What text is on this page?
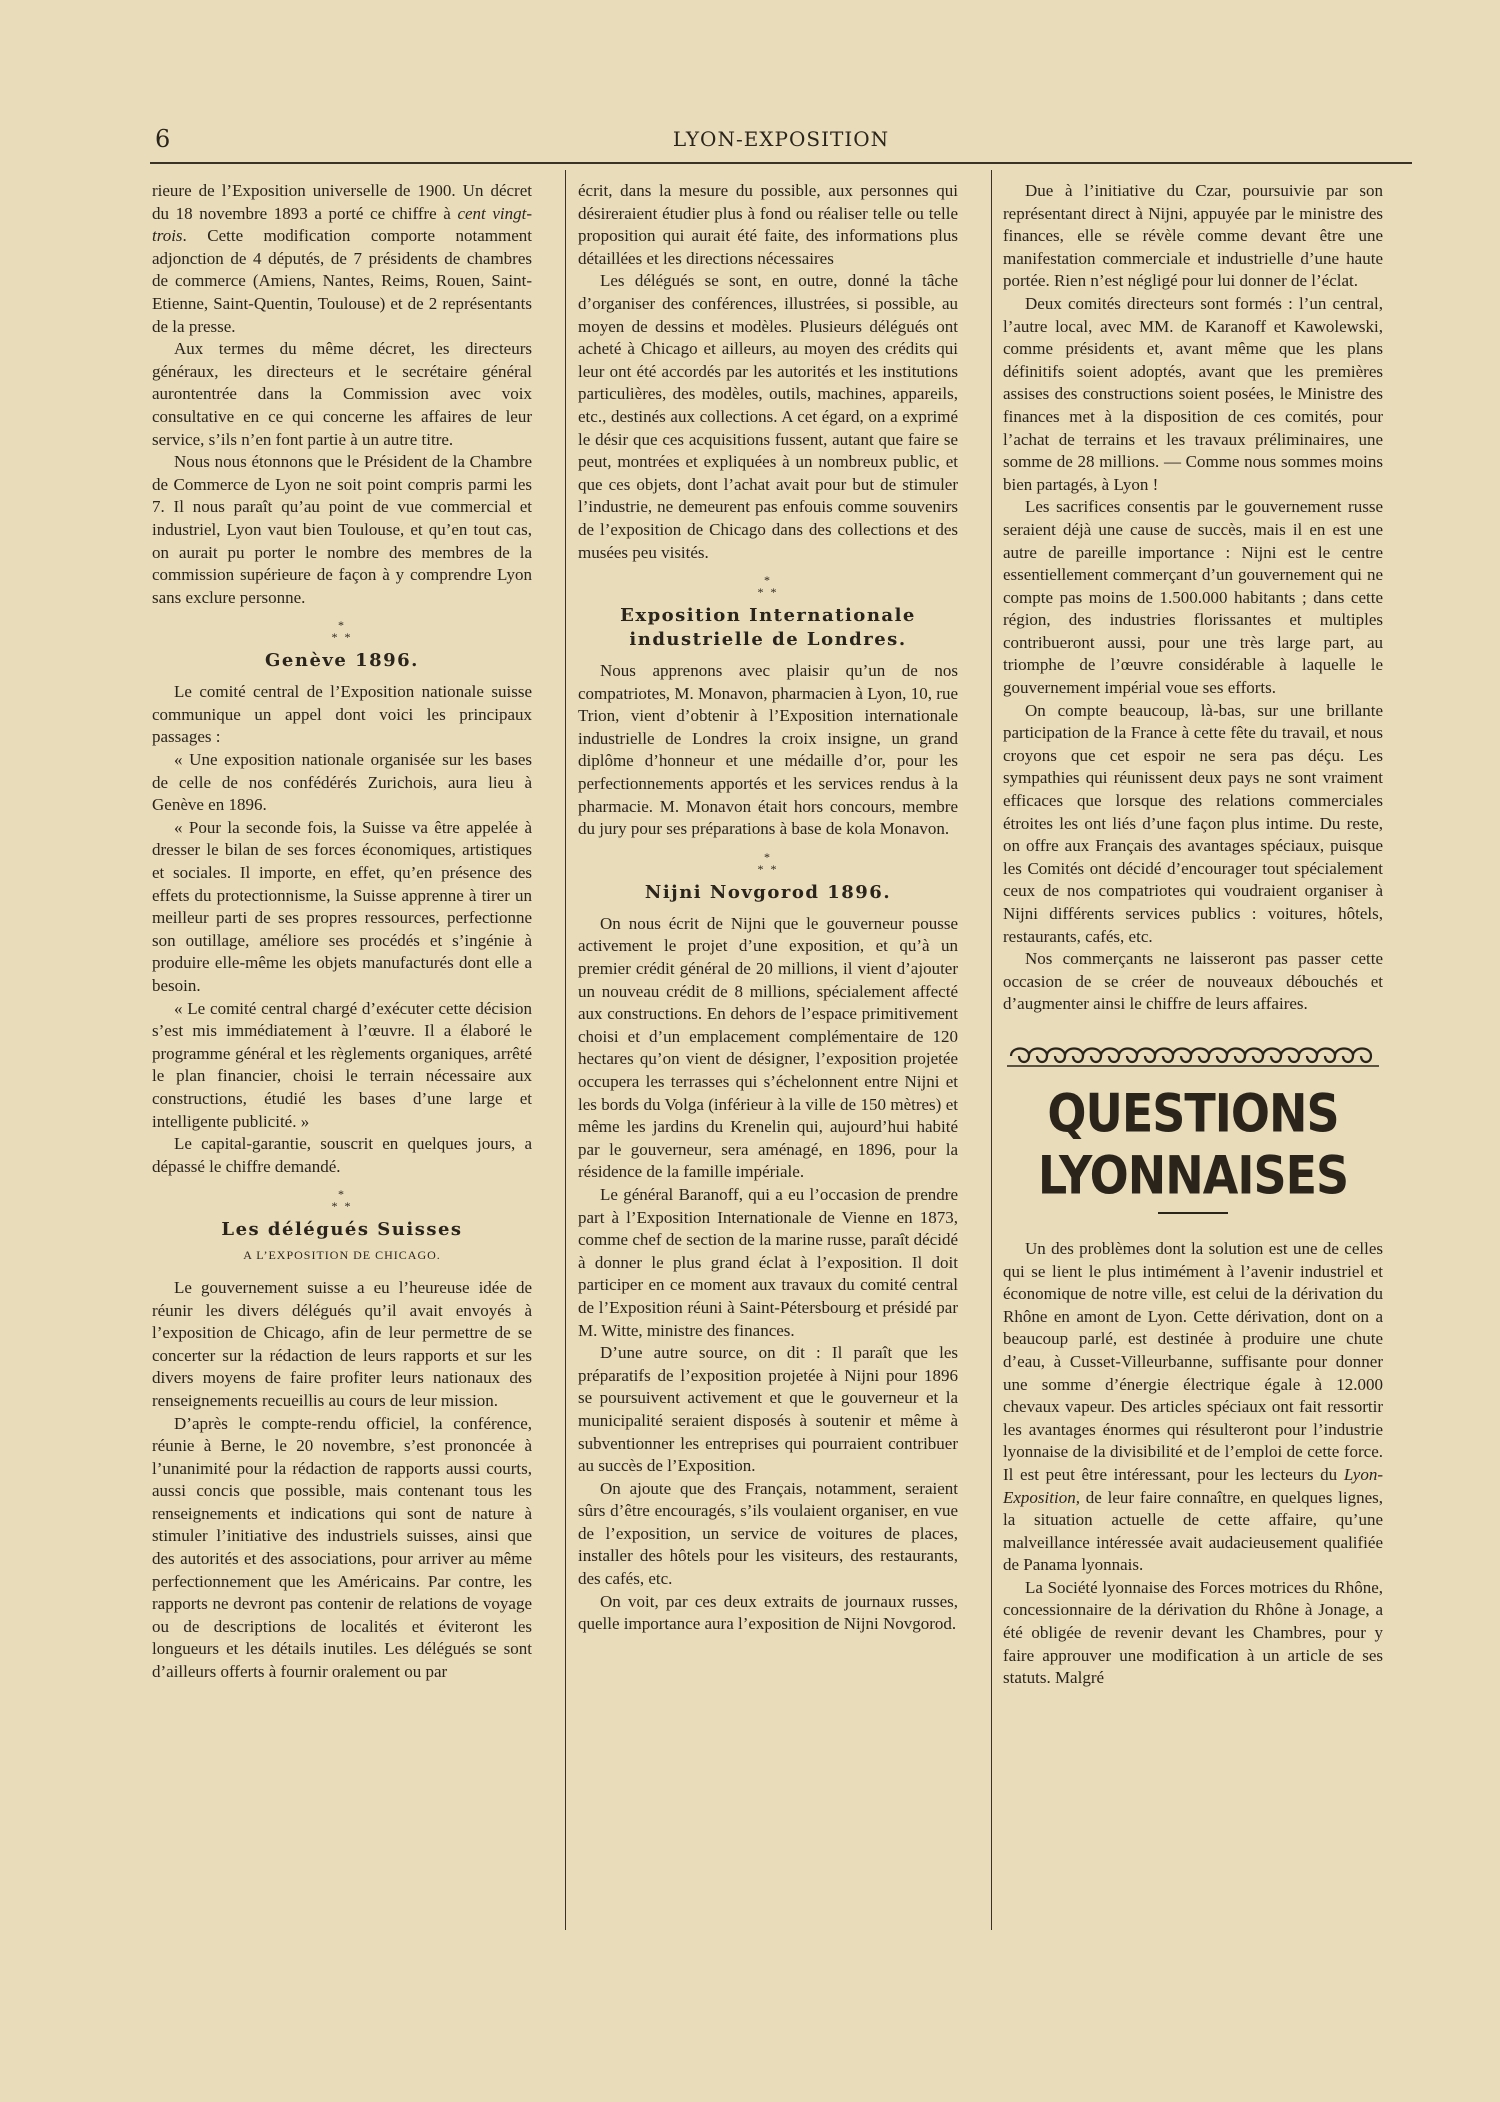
6	LYON-EXPOSITION

rieure de l’Exposition universelle de 1900. Un décret du 18 novembre 1893 a porté ce chiffre à cent vingt-trois. Cette modification comporte notamment adjonction de 4 députés, de 7 présidents de chambres de commerce (Amiens, Nantes, Reims, Rouen, Saint-Etienne, Saint-Quentin, Toulouse) et de 2 représentants de la presse.

Aux termes du même décret, les directeurs généraux, les directeurs et le secrétaire général aurontentrée dans la Commission avec voix consultative en ce qui concerne les affaires de leur service, s’ils n’en font partie à un autre titre.

Nous nous étonnons que le Président de la Chambre de Commerce de Lyon ne soit point compris parmi les 7. Il nous paraît qu’au point de vue commercial et industriel, Lyon vaut bien Toulouse, et qu’en tout cas, on aurait pu porter le nombre des membres de la commission supérieure de façon à y comprendre Lyon sans exclure personne.

*
* *
Genève 1896.

Le comité central de l’Exposition nationale suisse communique un appel dont voici les principaux passages :

« Une exposition nationale organisée sur les bases de celle de nos confédérés Zurichois, aura lieu à Genève en 1896.

« Pour la seconde fois, la Suisse va être appelée à dresser le bilan de ses forces économiques, artistiques et sociales. Il importe, en effet, qu’en présence des effets du protectionnisme, la Suisse apprenne à tirer un meilleur parti de ses propres ressources, perfectionne son outillage, améliore ses procédés et s’ingénie à produire elle-même les objets manufacturés dont elle a besoin.

« Le comité central chargé d’exécuter cette décision s’est mis immédiatement à l’œuvre. Il a élaboré le programme général et les règlements organiques, arrêté le plan financier, choisi le terrain nécessaire aux constructions, étudié les bases d’une large et intelligente publicité. »

Le capital-garantie, souscrit en quelques jours, a dépassé le chiffre demandé.

*
* *
Les délégués Suisses
A L’EXPOSITION DE CHICAGO.

Le gouvernement suisse a eu l’heureuse idée de réunir les divers délégués qu’il avait envoyés à l’exposition de Chicago, afin de leur permettre de se concerter sur la rédaction de leurs rapports et sur les divers moyens de faire profiter leurs nationaux des renseignements recueillis au cours de leur mission.

D’après le compte-rendu officiel, la conférence, réunie à Berne, le 20 novembre, s’est prononcée à l’unanimité pour la rédaction de rapports aussi courts, aussi concis que possible, mais contenant tous les renseignements et indications qui sont de nature à stimuler l’initiative des industriels suisses, ainsi que des autorités et des associations, pour arriver au même perfectionnement que les Américains. Par contre, les rapports ne devront pas contenir de relations de voyage ou de descriptions de localités et éviteront les longueurs et les détails inutiles. Les délégués se sont d’ailleurs offerts à fournir oralement ou par

écrit, dans la mesure du possible, aux personnes qui désireraient étudier plus à fond ou réaliser telle ou telle proposition qui aurait été faite, des informations plus détaillées et les directions nécessaires

Les délégués se sont, en outre, donné la tâche d’organiser des conférences, illustrées, si possible, au moyen de dessins et modèles. Plusieurs délégués ont acheté à Chicago et ailleurs, au moyen des crédits qui leur ont été accordés par les autorités et les institutions particulières, des modèles, outils, machines, appareils, etc., destinés aux collections. A cet égard, on a exprimé le désir que ces acquisitions fussent, autant que faire se peut, montrées et expliquées à un nombreux public, et que ces objets, dont l’achat avait pour but de stimuler l’industrie, ne demeurent pas enfouis comme souvenirs de l’exposition de Chicago dans des collections et des musées peu visités.

*
* *
Exposition Internationale industrielle de Londres.

Nous apprenons avec plaisir qu’un de nos compatriotes, M. Monavon, pharmacien à Lyon, 10, rue Trion, vient d’obtenir à l’Exposition internationale industrielle de Londres la croix insigne, un grand diplôme d’honneur et une médaille d’or, pour les perfectionnements apportés et les services rendus à la pharmacie. M. Monavon était hors concours, membre du jury pour ses préparations à base de kola Monavon.

*
* *
Nijni Novgorod 1896.

On nous écrit de Nijni que le gouverneur pousse activement le projet d’une exposition, et qu’à un premier crédit général de 20 millions, il vient d’ajouter un nouveau crédit de 8 millions, spécialement affecté aux constructions. En dehors de l’espace primitivement choisi et d’un emplacement complémentaire de 120 hectares qu’on vient de désigner, l’exposition projetée occupera les terrasses qui s’échelonnent entre Nijni et les bords du Volga (inférieur à la ville de 150 mètres) et même les jardins du Krenelin qui, aujourd’hui habité par le gouverneur, sera aménagé, en 1896, pour la résidence de la famille impériale.

Le général Baranoff, qui a eu l’occasion de prendre part à l’Exposition Internationale de Vienne en 1873, comme chef de section de la marine russe, paraît décidé à donner le plus grand éclat à l’exposition. Il doit participer en ce moment aux travaux du comité central de l’Exposition réuni à Saint-Pétersbourg et présidé par M. Witte, ministre des finances.

D’une autre source, on dit : Il paraît que les préparatifs de l’exposition projetée à Nijni pour 1896 se poursuivent activement et que le gouverneur et la municipalité seraient disposés à soutenir et même à subventionner les entreprises qui pourraient contribuer au succès de l’Exposition.

On ajoute que des Français, notamment, seraient sûrs d’être encouragés, s’ils voulaient organiser, en vue de l’exposition, un service de voitures de places, installer des hôtels pour les visiteurs, des restaurants, des cafés, etc.

On voit, par ces deux extraits de journaux russes, quelle importance aura l’exposition de Nijni Novgorod.

Due à l’initiative du Czar, poursuivie par son représentant direct à Nijni, appuyée par le ministre des finances, elle se révèle comme devant être une manifestation commerciale et industrielle d’une haute portée. Rien n’est négligé pour lui donner de l’éclat.

Deux comités directeurs sont formés : l’un central, l’autre local, avec MM. de Karanoff et Kawolewski, comme présidents et, avant même que les plans définitifs soient adoptés, avant que les premières assises des constructions soient posées, le Ministre des finances met à la disposition de ces comités, pour l’achat de terrains et les travaux préliminaires, une somme de 28 millions. — Comme nous sommes moins bien partagés, à Lyon !

Les sacrifices consentis par le gouvernement russe seraient déjà une cause de succès, mais il en est une autre de pareille importance : Nijni est le centre essentiellement commerçant d’un gouvernement qui ne compte pas moins de 1.500.000 habitants ; dans cette région, des industries florissantes et multiples contribueront aussi, pour une très large part, au triomphe de l’œuvre considérable à laquelle le gouvernement impérial voue ses efforts.

On compte beaucoup, là-bas, sur une brillante participation de la France à cette fête du travail, et nous croyons que cet espoir ne sera pas déçu. Les sympathies qui réunissent deux pays ne sont vraiment efficaces que lorsque des relations commerciales étroites les ont liés d’une façon plus intime. Du reste, on offre aux Français des avantages spéciaux, puisque les Comités ont décidé d’encourager tout spécialement ceux de nos compatriotes qui voudraient organiser à Nijni différents services publics : voitures, hôtels, restaurants, cafés, etc.

Nos commerçants ne laisseront pas passer cette occasion de se créer de nouveaux débouchés et d’augmenter ainsi le chiffre de leurs affaires.

QUESTIONS LYONNAISES

Un des problèmes dont la solution est une de celles qui se lient le plus intimément à l’avenir industriel et économique de notre ville, est celui de la dérivation du Rhône en amont de Lyon. Cette dérivation, dont on a beaucoup parlé, est destinée à produire une chute d’eau, à Cusset-Villeurbanne, suffisante pour donner une somme d’énergie électrique égale à 12.000 chevaux vapeur. Des articles spéciaux ont fait ressortir les avantages énormes qui résulteront pour l’industrie lyonnaise de la divisibilité et de l’emploi de cette force. Il est peut être intéressant, pour les lecteurs du Lyon-Exposition, de leur faire connaître, en quelques lignes, la situation actuelle de cette affaire, qu’une malveillance intéressée avait audacieusement qualifiée de Panama lyonnais.

La Société lyonnaise des Forces motrices du Rhône, concessionnaire de la dérivation du Rhône à Jonage, a été obligée de revenir devant les Chambres, pour y faire approuver une modification à un article de ses statuts. Malgré
